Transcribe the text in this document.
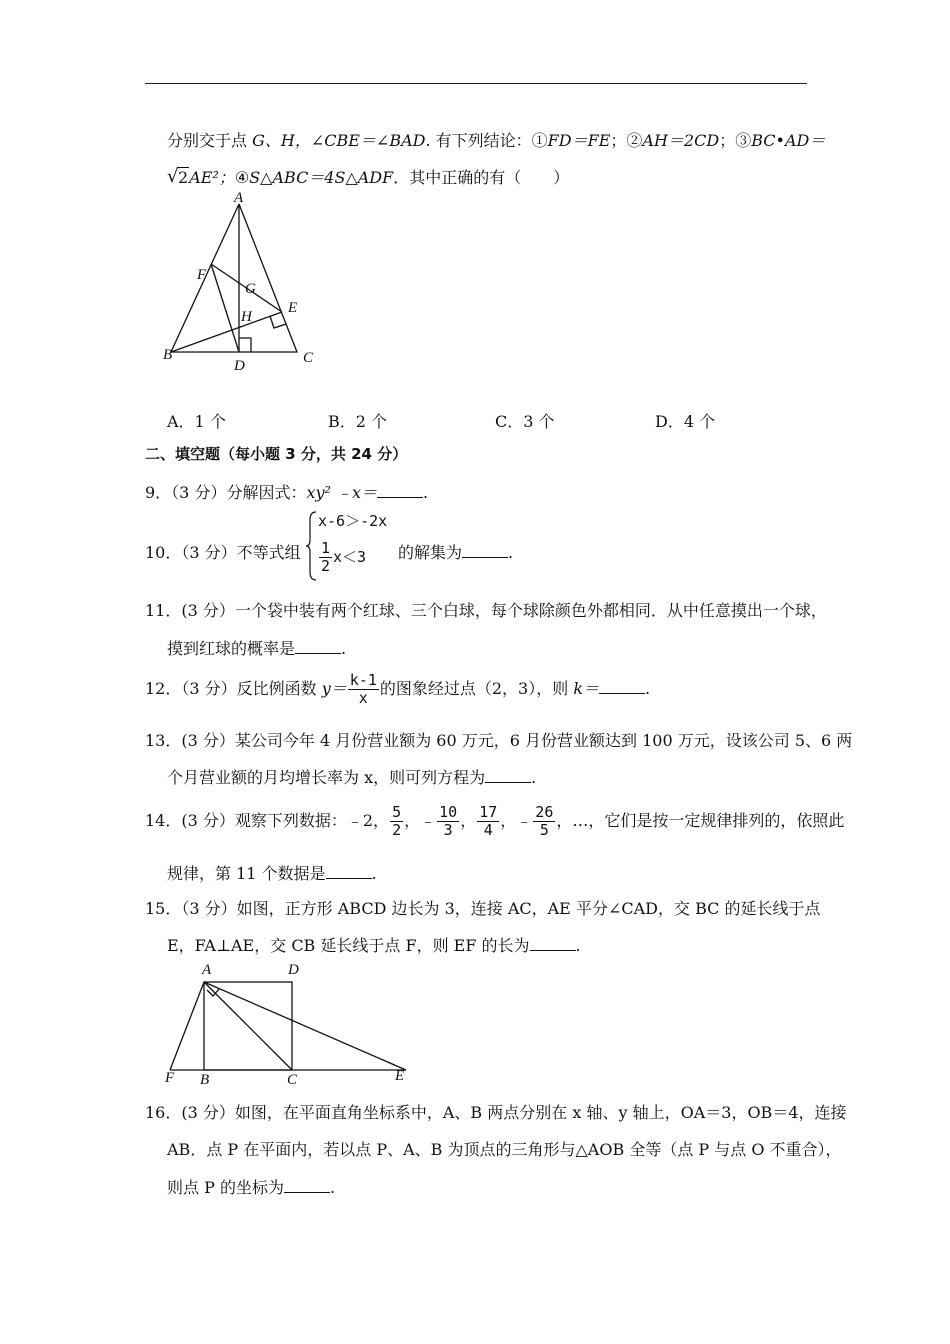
分别交于点 G、H，∠CBE＝∠BAD. 有下列结论：①FD＝FE；②AH＝2CD；③BC•AD＝
√ 2AE²；④S△ABC＝4S△ADF．其中正确的有（　　）
A
F
G
E
H
B
D	C
A．1 个	B．2 个	C．3 个	D．4 个
二、填空题（每小题 3 分，共 24 分）
9．（3 分）分解因式：xy² ﹣x＝	.
10．（3 分）不等式组
x-6＞-2x
$\frac{1}{2} x<3$ 的解集为	.
11．(3 分）一个袋中装有两个红球、三个白球，每个球除颜色外都相同．从中任意摸出一个球，
摸到红球的概率是	.
12．（3 分）反比例函数 $y= \frac{k-1}{x}$ 的图象经过点（2，3），则 k＝	.
13．(3 分）某公司今年 4 月份营业额为 60 万元，6 月份营业额达到 100 万元，设该公司 5、6 两
个月营业额的月均增长率为 x，则可列方程为	.
14．(3 分）观察下列数据：﹣2， $\frac{5}{2}$ ，﹣ $\frac{10}{3}$ ， $\frac{17}{4}$ ，﹣ $\frac{26}{5}$ ，…，它们是按一定规律排列的，依照此
规律，第 11 个数据是	.
15．（3 分）如图，正方形 ABCD 边长为 3，连接 AC，AE 平分∠CAD，交 BC 的延长线于点
E，FA⊥AE，交 CB 延长线于点 F，则 EF 的长为	.
A	D
F B	C	E
16．(3 分）如图，在平面直角坐标系中，A、B 两点分别在 x 轴、y 轴上，OA＝3，OB＝4，连接
AB．点 P 在平面内，若以点 P、A、B 为顶点的三角形与△AOB 全等（点 P 与点 O 不重合），
则点 P 的坐标为	.
